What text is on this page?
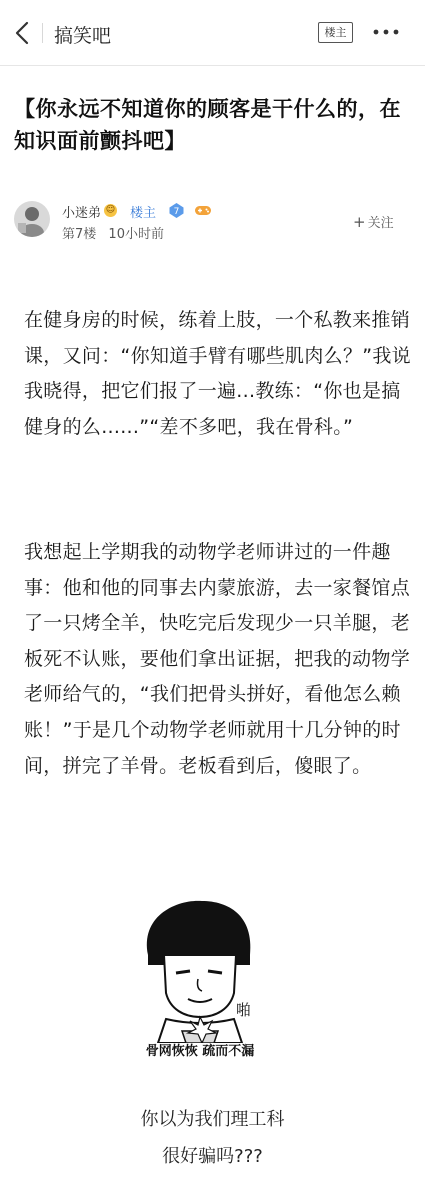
搞笑吧	楼主
【你永远不知道你的顾客是干什么的，在知识面前颤抖吧】
小迷弟 ☺ 楼主 7
第7楼 10小时前
+ 关注
在健身房的时候，练着上肢，一个私教来推销课，又问：“你知道手臂有哪些肌肉么？”我说我晓得，把它们报了一遍...教练：“你也是搞健身的么......”“差不多吧，我在骨科。”
我想起上学期我的动物学老师讲过的一件趣事：他和他的同事去内蒙旅游，去一家餐馆点了一只烤全羊，快吃完后发现少一只羊腿，老板死不认账，要他们拿出证据，把我的动物学老师给气的，“我们把骨头拼好，看他怎么赖账！”于是几个动物学老师就用十几分钟的时间，拼完了羊骨。老板看到后，傻眼了。
啪
骨网恢恢 疏而不漏
你以为我们理工科
很好骗吗???
